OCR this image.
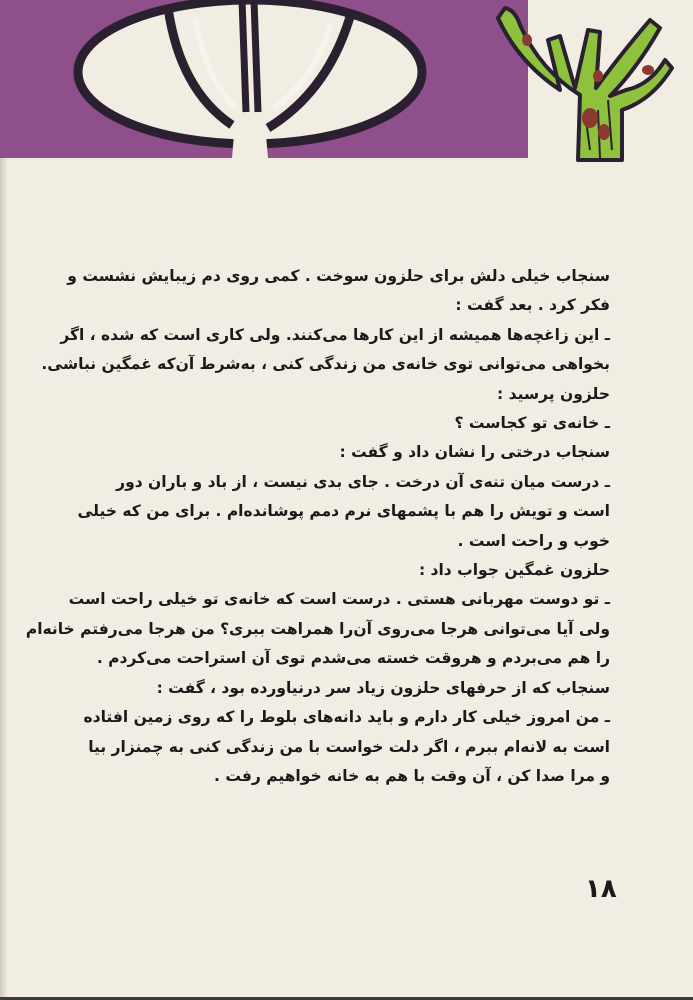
سنجاب خیلی دلش برای حلزون سوخت . کمی روی دم زیبایش نشست و
فکر کرد . بعد گفت :
ـ این زاغچه‌ها همیشه از این کارها می‌کنند. ولی کاری است که شده ، اگر
بخواهی می‌توانی توی خانه‌ی من زندگی کنی ، به‌شرط آن‌که غمگین نباشی.
حلزون پرسید :
ـ خانه‌ی تو کجاست ؟
سنجاب درختی را نشان داد و گفت :
ـ درست میان تنه‌ی آن درخت . جای بدی نیست ، از باد و باران دور
است و تویش را هم با پشمهای نرم دمم پوشانده‌ام . برای من که خیلی
خوب و راحت است .
حلزون غمگین جواب داد :
ـ تو دوست مهربانی هستی . درست است که خانه‌ی تو خیلی راحت است
ولی آیا می‌توانی هرجا می‌روی آن‌را همراهت ببری؟ من هرجا می‌رفتم خانه‌ام
را هم می‌بردم و هروقت خسته می‌شدم توی آن استراحت می‌کردم .
سنجاب که از حرفهای حلزون زیاد سر درنیاورده بود ، گفت :
ـ من امروز خیلی کار دارم و باید دانه‌های بلوط را که روی زمین افتاده
است به لانه‌ام ببرم ، اگر دلت خواست با من زندگی کنی به چمنزار بیا
و مرا صدا کن ، آن وقت با هم به خانه خواهیم رفت .
۱۸
